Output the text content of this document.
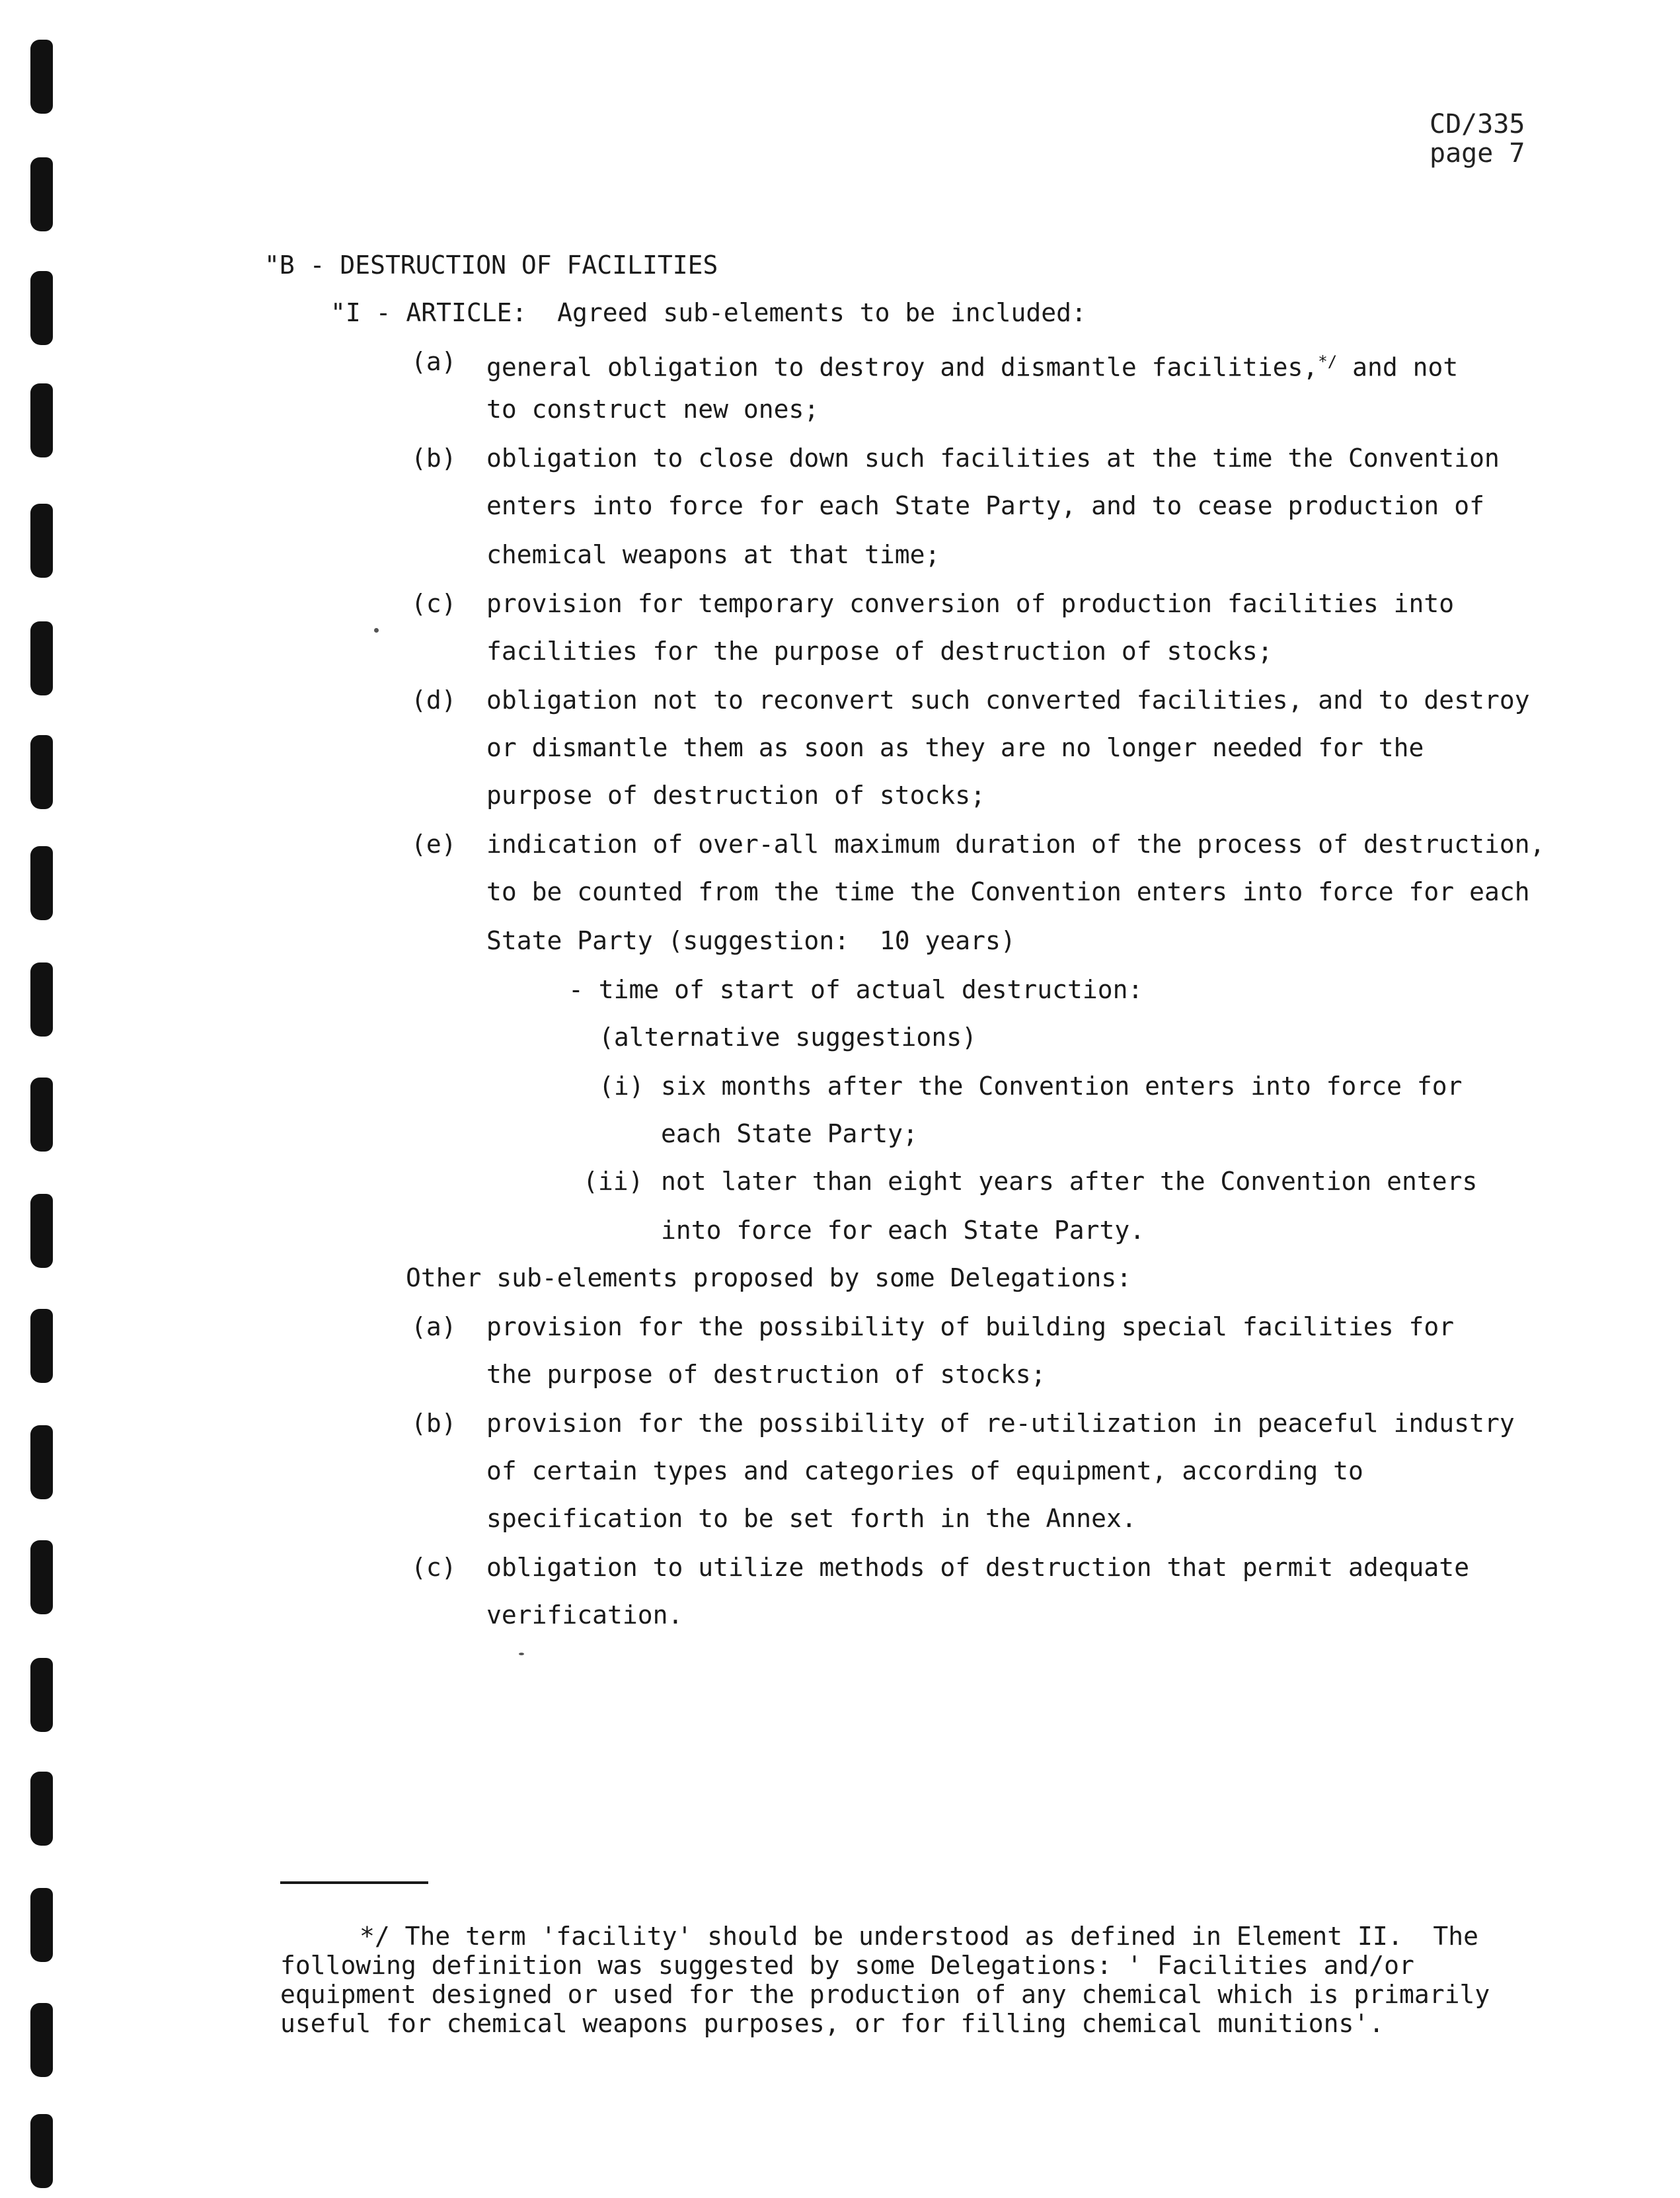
CD/335
page 7
"B - DESTRUCTION OF FACILITIES
"I - ARTICLE:  Agreed sub-elements to be included:
(a) general obligation to destroy and dismantle facilities,*/ and not
to construct new ones;
(b) obligation to close down such facilities at the time the Convention
enters into force for each State Party, and to cease production of
chemical weapons at that time;
(c) provision for temporary conversion of production facilities into
facilities for the purpose of destruction of stocks;
(d) obligation not to reconvert such converted facilities, and to destroy
or dismantle them as soon as they are no longer needed for the
purpose of destruction of stocks;
(e) indication of over-all maximum duration of the process of destruction,
to be counted from the time the Convention enters into force for each
State Party (suggestion:  10 years)
- time of start of actual destruction:
(alternative suggestions)
(i) six months after the Convention enters into force for
each State Party;
(ii) not later than eight years after the Convention enters
into force for each State Party.
Other sub-elements proposed by some Delegations:
(a) provision for the possibility of building special facilities for
the purpose of destruction of stocks;
(b) provision for the possibility of re-utilization in peaceful industry
of certain types and categories of equipment, according to
specification to be set forth in the Annex.
(c) obligation to utilize methods of destruction that permit adequate
verification.
*/ The term 'facility' should be understood as defined in Element II.  The
following definition was suggested by some Delegations: ' Facilities and/or
equipment designed or used for the production of any chemical which is primarily
useful for chemical weapons purposes, or for filling chemical munitions'.
